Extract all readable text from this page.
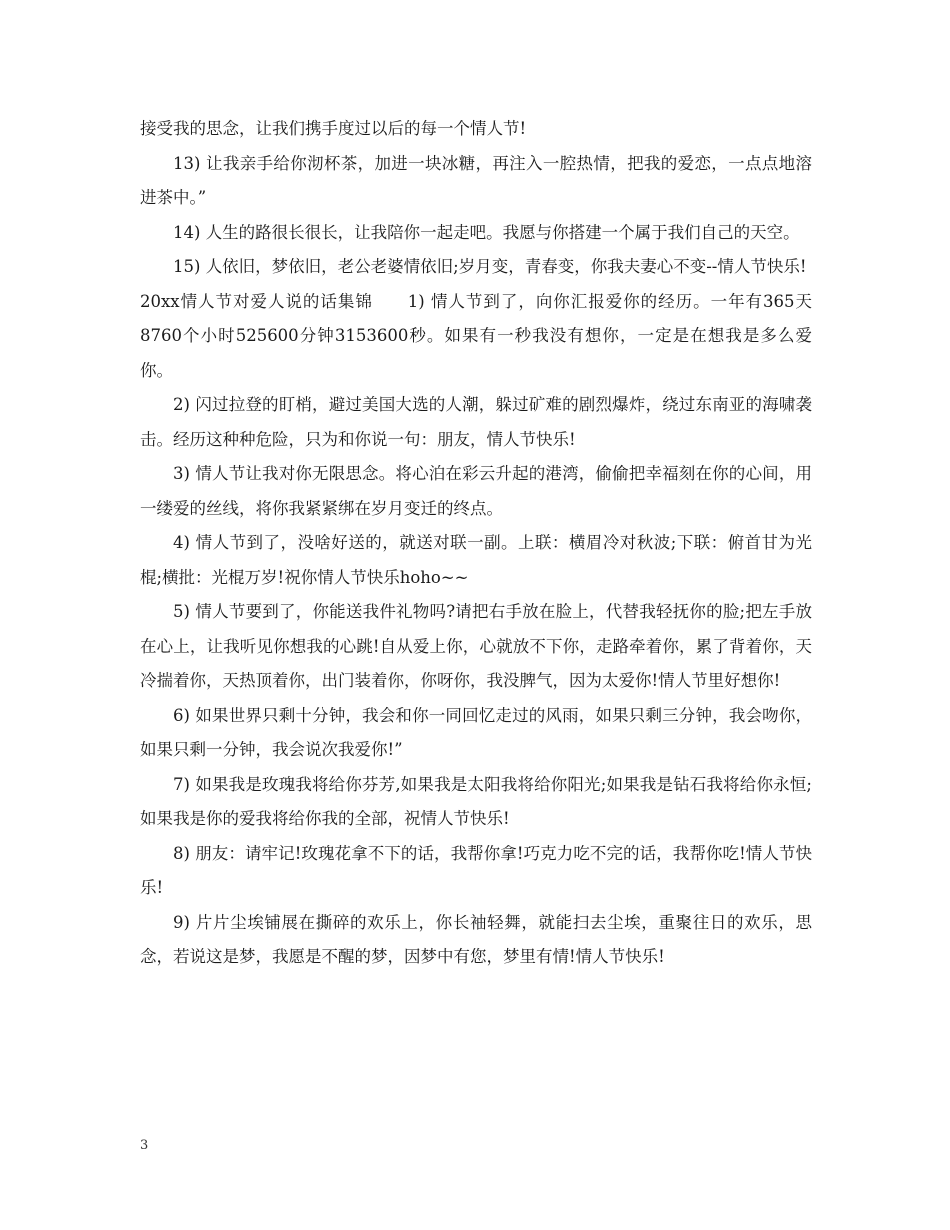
接受我的思念，让我们携手度过以后的每一个情人节!

13) 让我亲手给你沏杯茶，加进一块冰糖，再注入一腔热情，把我的爱恋，一点点地溶进茶中。”

14) 人生的路很长很长，让我陪你一起走吧。我愿与你搭建一个属于我们自己的天空。

15) 人依旧，梦依旧，老公老婆情依旧;岁月变，青春变，你我夫妻心不变--情人节快乐!

20xx情人节对爱人说的话集锦　　1) 情人节到了，向你汇报爱你的经历。一年有365天8760个小时525600分钟3153600秒。如果有一秒我没有想你，一定是在想我是多么爱你。

2) 闪过拉登的盯梢，避过美国大选的人潮，躲过矿难的剧烈爆炸，绕过东南亚的海啸袭击。经历这种种危险，只为和你说一句：朋友，情人节快乐!

3) 情人节让我对你无限思念。将心泊在彩云升起的港湾，偷偷把幸福刻在你的心间，用一缕爱的丝线，将你我紧紧绑在岁月变迁的终点。

4) 情人节到了，没啥好送的，就送对联一副。上联：横眉冷对秋波;下联：俯首甘为光棍;横批：光棍万岁!祝你情人节快乐hoho~~

5) 情人节要到了，你能送我件礼物吗?请把右手放在脸上，代替我轻抚你的脸;把左手放在心上，让我听见你想我的心跳!自从爱上你，心就放不下你，走路牵着你，累了背着你，天冷揣着你，天热顶着你，出门装着你，你呀你，我没脾气，因为太爱你!情人节里好想你!

6) 如果世界只剩十分钟，我会和你一同回忆走过的风雨，如果只剩三分钟，我会吻你，如果只剩一分钟，我会说次我爱你!”

7) 如果我是玫瑰我将给你芬芳,如果我是太阳我将给你阳光;如果我是钻石我将给你永恒;如果我是你的爱我将给你我的全部，祝情人节快乐!

8) 朋友：请牢记!玫瑰花拿不下的话，我帮你拿!巧克力吃不完的话，我帮你吃!情人节快乐!

9) 片片尘埃铺展在撕碎的欢乐上，你长袖轻舞，就能扫去尘埃，重聚往日的欢乐，思念，若说这是梦，我愿是不醒的梦，因梦中有您，梦里有情!情人节快乐!

3
